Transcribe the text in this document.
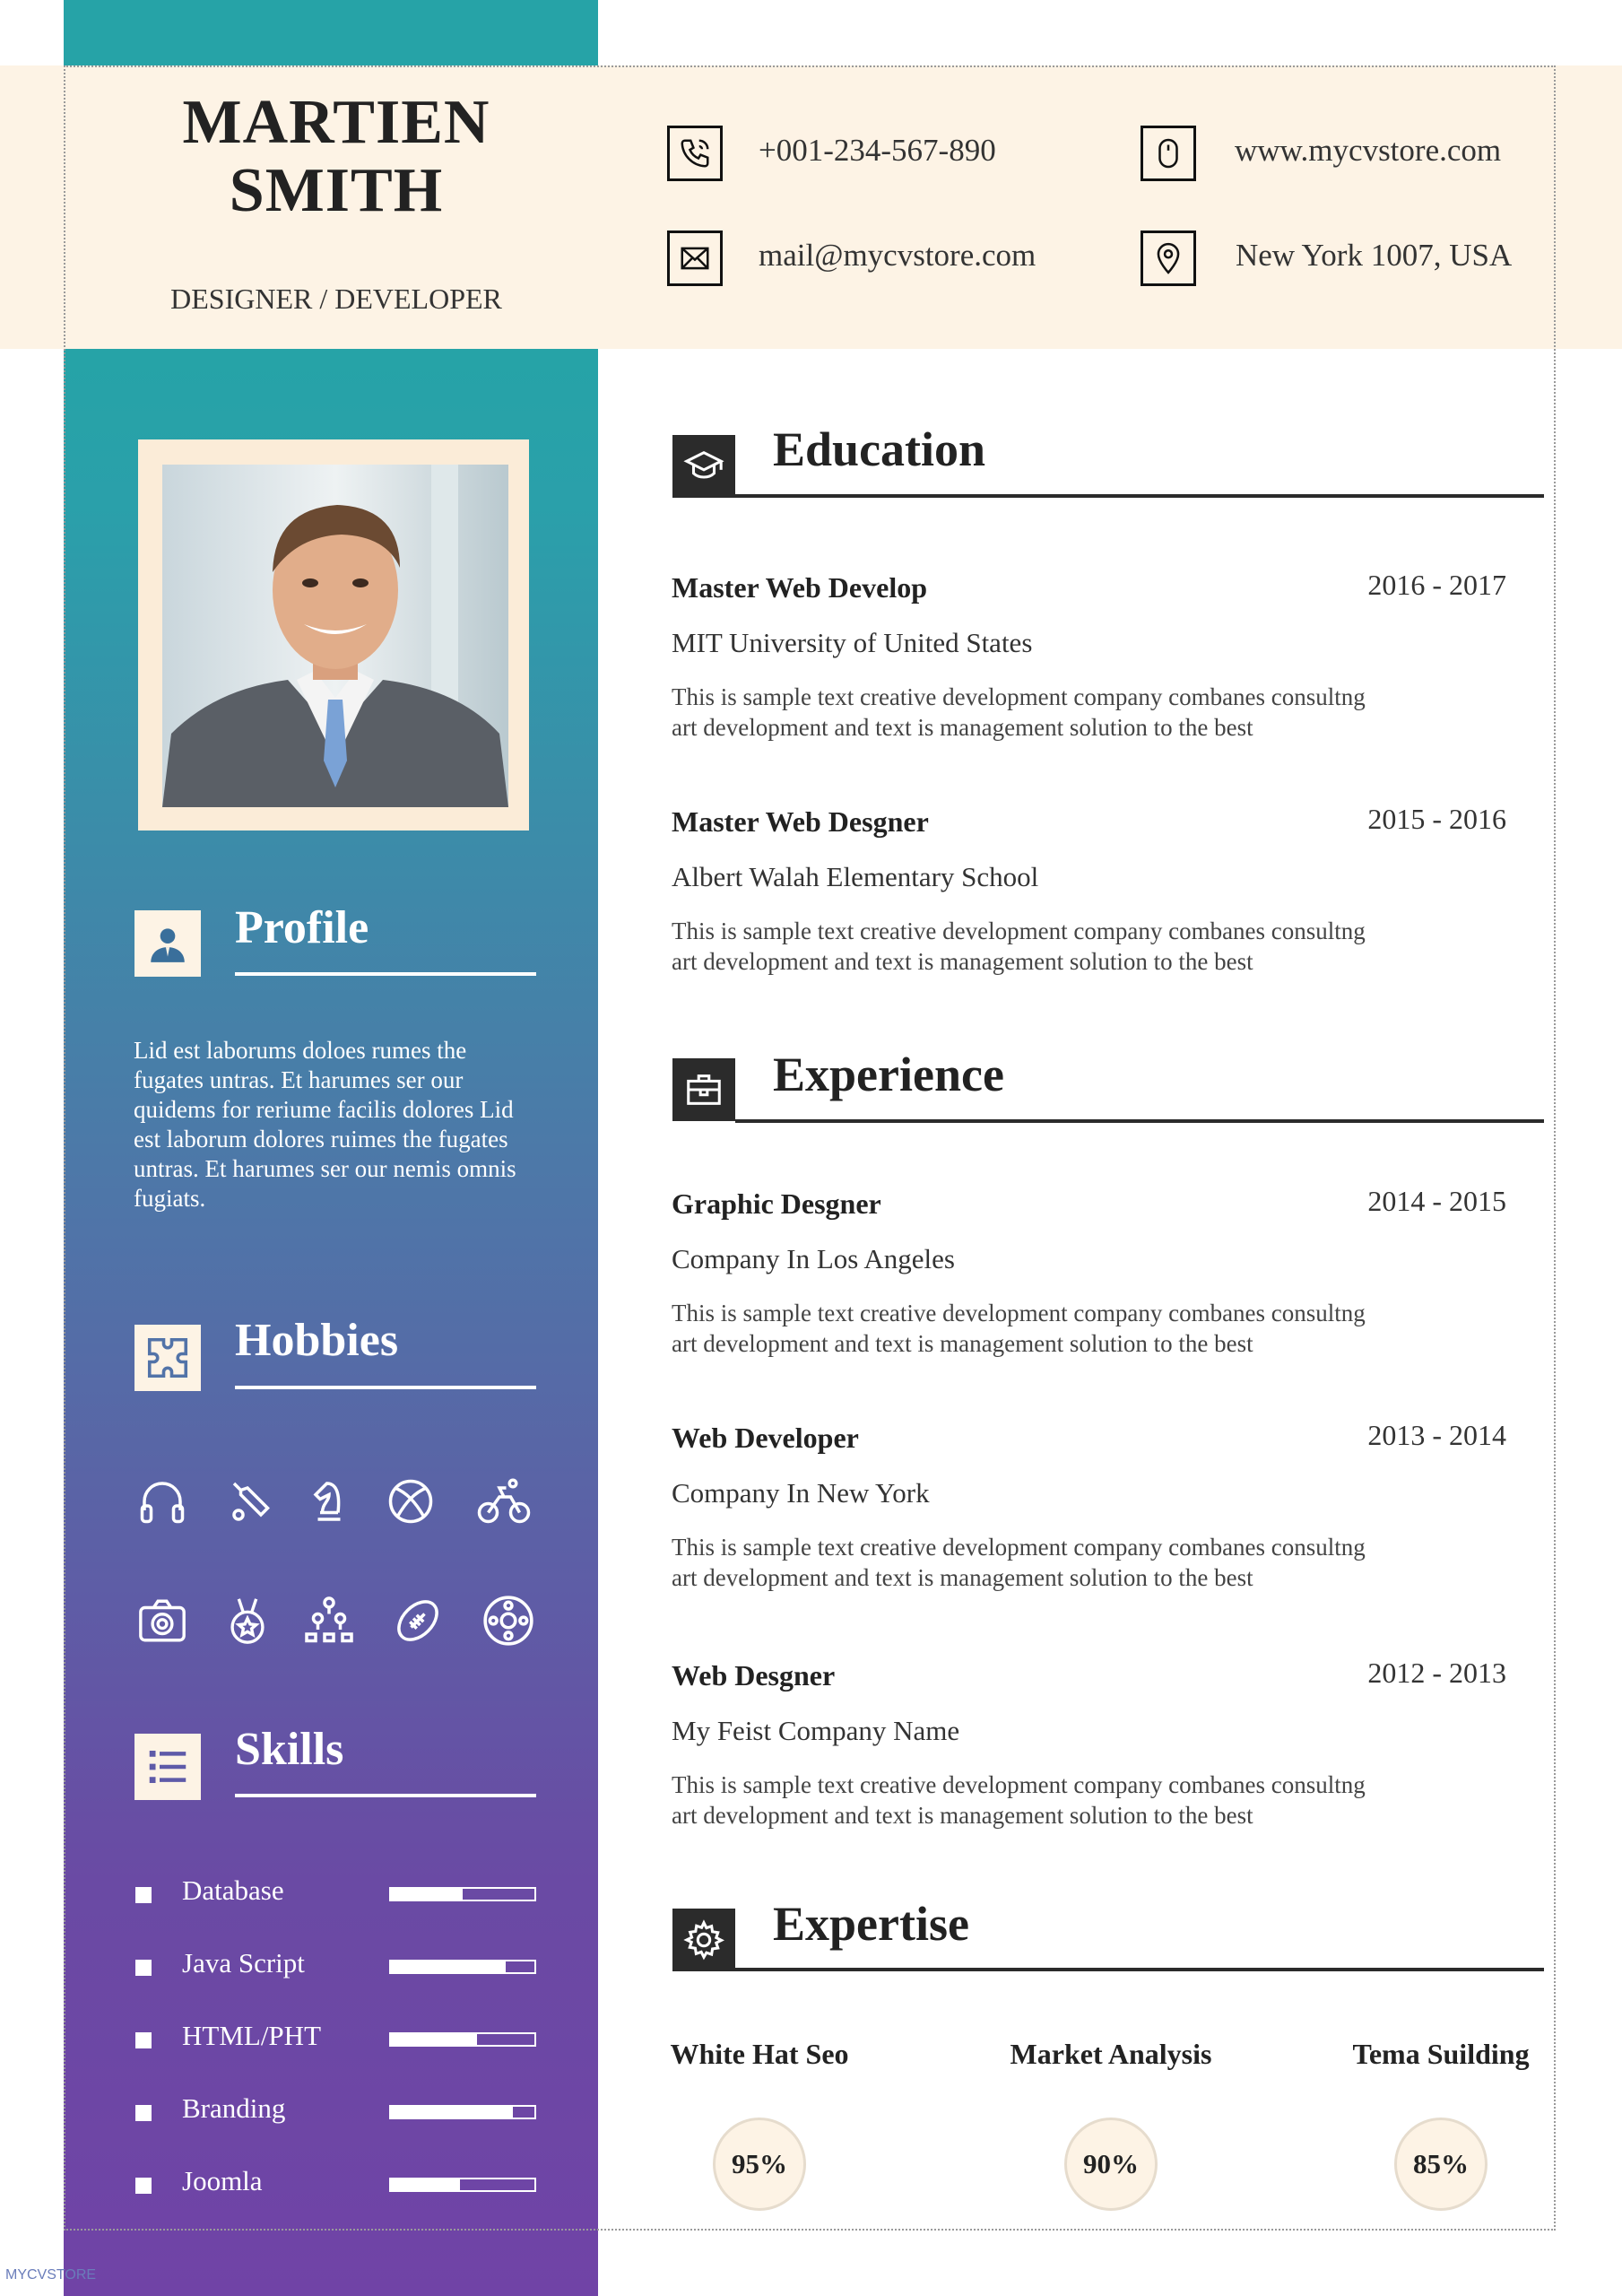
MARTIEN
SMITH
DESIGNER / DEVELOPER
+001-234-567-890	www.mycvstore.com
mail@mycvstore.com	New York 1007, USA
Profile
Lid est laborums doloes rumes the fugates untras. Et harumes ser our quidems for reriume facilis dolores Lid est laborum dolores ruimes the fugates untras. Et harumes ser our nemis omnis fugiats.
Hobbies
Skills
Database
Java Script
HTML/PHT
Branding
Joomla
Education
Experience
Expertise
Master Web Develop	2016 - 2017
MIT University of United States
This is sample text creative development company combanes consultng
art development and text is management solution to the best
Master Web Desgner	2015 - 2016
Albert Walah Elementary School
This is sample text creative development company combanes consultng
art development and text is management solution to the best
Graphic Desgner	2014 - 2015
Company In Los Angeles
This is sample text creative development company combanes consultng
art development and text is management solution to the best
Web Developer	2013 - 2014
Company In New York
This is sample text creative development company combanes consultng
art development and text is management solution to the best
Web Desgner	2012 - 2013
My Feist Company Name
This is sample text creative development company combanes consultng
art development and text is management solution to the best
White Hat Seo
95%
Market Analysis
90%
Tema Suilding
85%
MYCVSTORE
